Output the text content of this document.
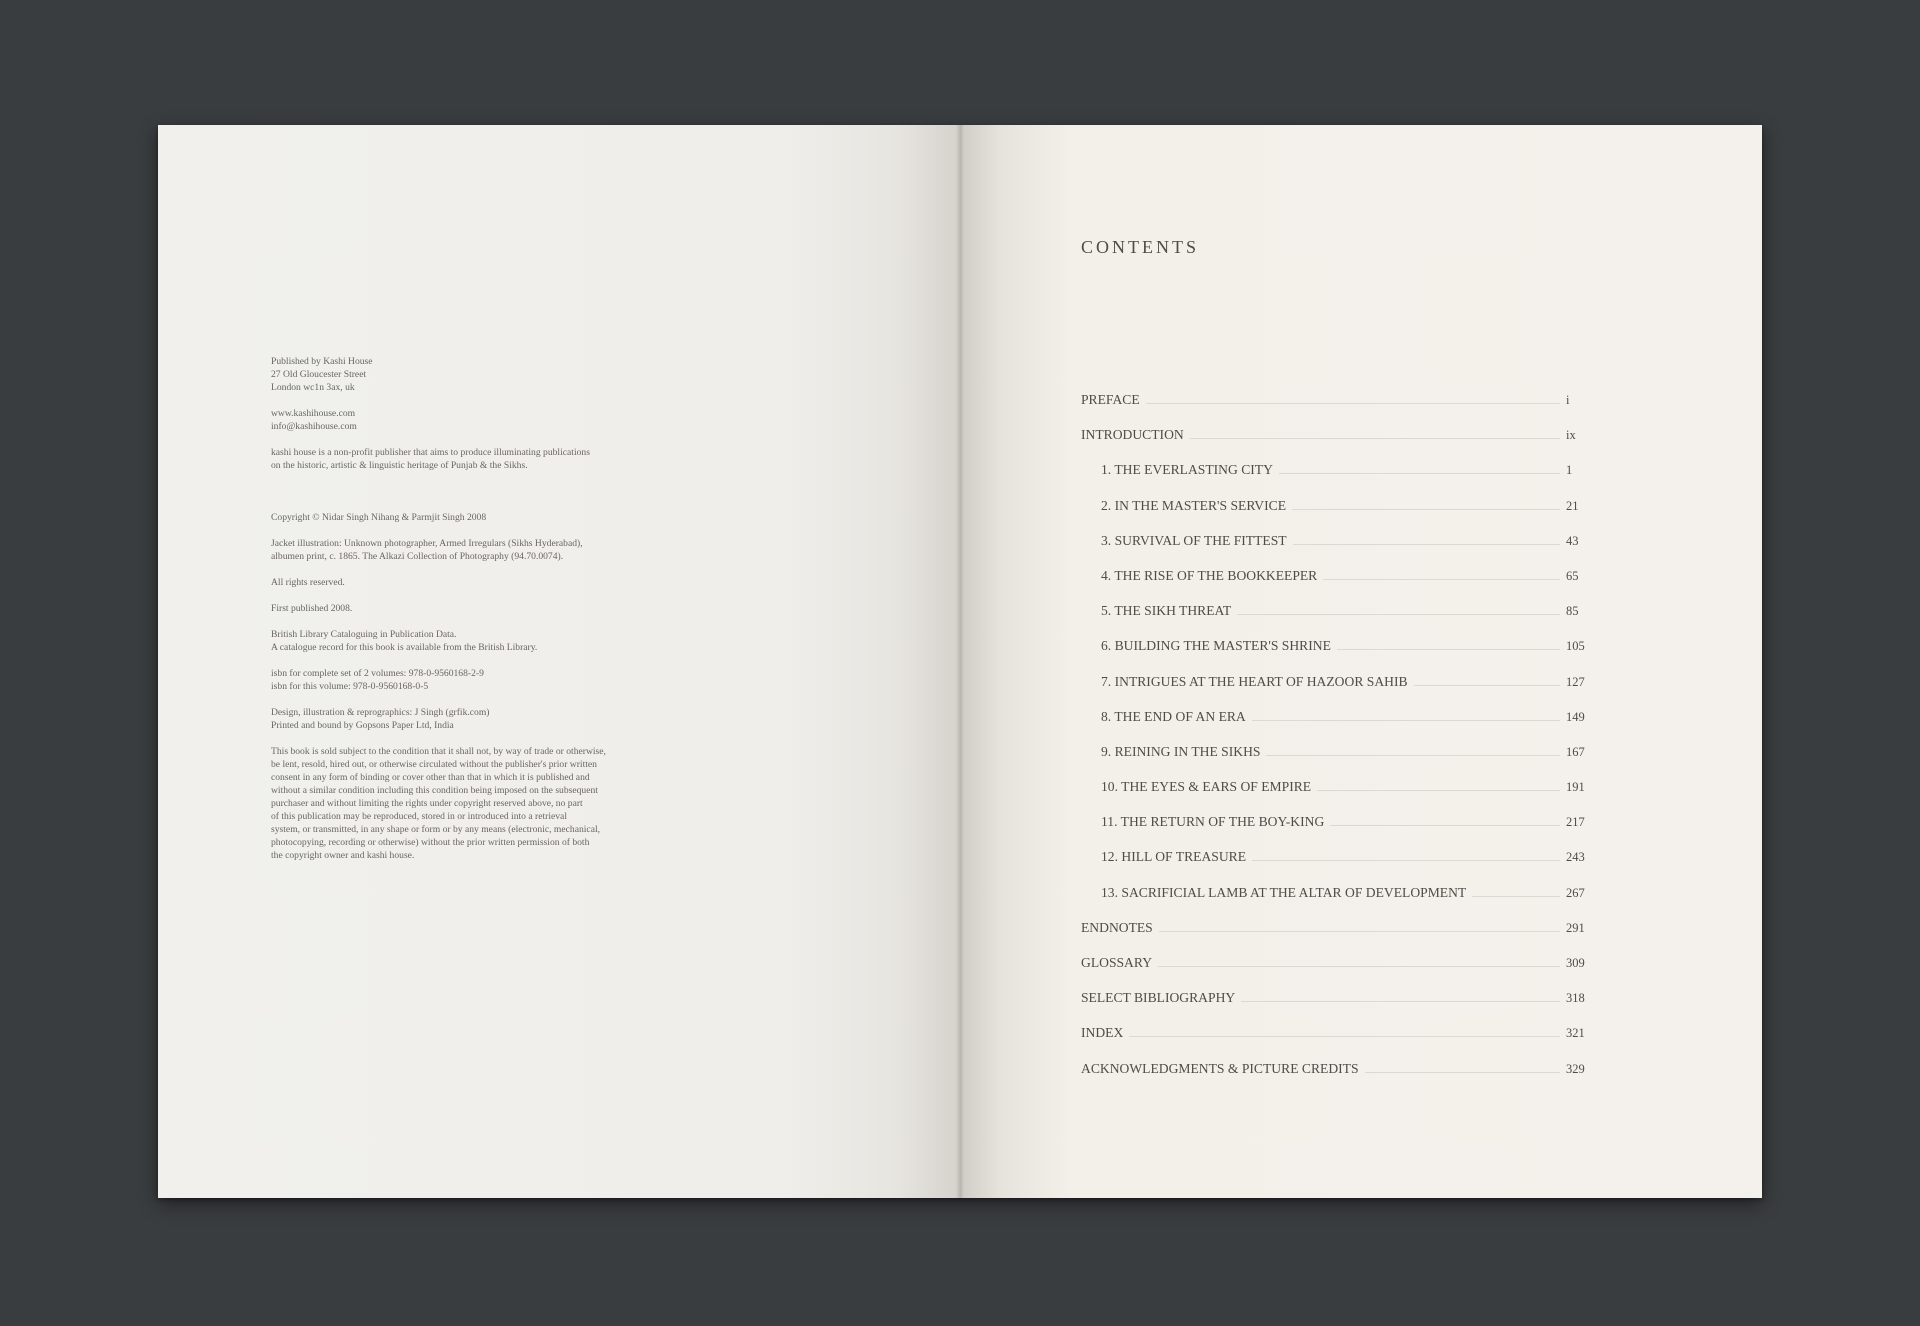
Published by Kashi House
27 Old Gloucester Street
London wc1n 3ax, uk

www.kashihouse.com
info@kashihouse.com

kashi house is a non-profit publisher that aims to produce illuminating publications
on the historic, artistic & linguistic heritage of Punjab & the Sikhs.

Copyright © Nidar Singh Nihang & Parmjit Singh 2008

Jacket illustration: Unknown photographer, Armed Irregulars (Sikhs Hyderabad),
albumen print, c. 1865. The Alkazi Collection of Photography (94.70.0074).

All rights reserved.

First published 2008.

British Library Cataloguing in Publication Data.
A catalogue record for this book is available from the British Library.

isbn for complete set of 2 volumes: 978-0-9560168-2-9
isbn for this volume: 978-0-9560168-0-5

Design, illustration & reprographics: J Singh (grfik.com)
Printed and bound by Gopsons Paper Ltd, India

This book is sold subject to the condition that it shall not, by way of trade or otherwise,
be lent, resold, hired out, or otherwise circulated without the publisher's prior written
consent in any form of binding or cover other than that in which it is published and
without a similar condition including this condition being imposed on the subsequent
purchaser and without limiting the rights under copyright reserved above, no part
of this publication may be reproduced, stored in or introduced into a retrieval
system, or transmitted, in any shape or form or by any means (electronic, mechanical,
photocopying, recording or otherwise) without the prior written permission of both
the copyright owner and kashi house.

CONTENTS
PREFACE	i
INTRODUCTION	ix
1. THE EVERLASTING CITY	1
2. IN THE MASTER'S SERVICE	21
3. SURVIVAL OF THE FITTEST	43
4. THE RISE OF THE BOOKKEEPER	65
5. THE SIKH THREAT	85
6. BUILDING THE MASTER'S SHRINE	105
7. INTRIGUES AT THE HEART OF HAZOOR SAHIB	127
8. THE END OF AN ERA	149
9. REINING IN THE SIKHS	167
10. THE EYES & EARS OF EMPIRE	191
11. THE RETURN OF THE BOY-KING	217
12. HILL OF TREASURE	243
13. SACRIFICIAL LAMB AT THE ALTAR OF DEVELOPMENT	267
ENDNOTES	291
GLOSSARY	309
SELECT BIBLIOGRAPHY	318
INDEX	321
ACKNOWLEDGMENTS & PICTURE CREDITS	329
